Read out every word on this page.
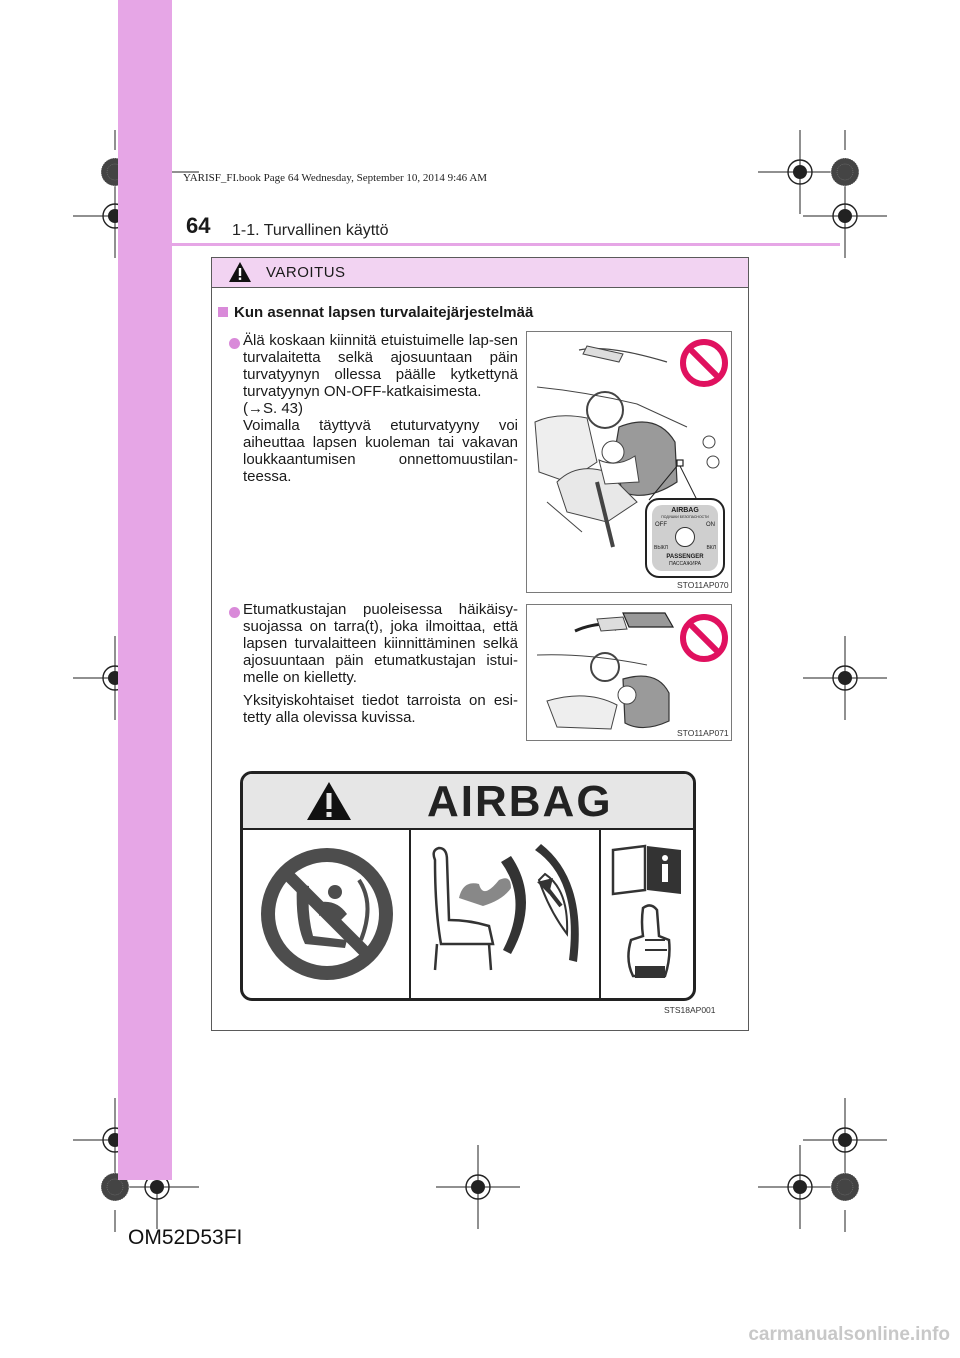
YARISF_FI.book Page 64 Wednesday, September 10, 2014 9:46 AM
64 1-1. Turvallinen käyttö
VAROITUS
Kun asennat lapsen turvalaitejärjestelmää

Älä koskaan kiinnitä etuistuimelle lap-sen turvalaitetta selkä ajosuuntaan päin turvatyynyn ollessa päälle kytkettynä turvatyynyn ON-OFF-katkaisimesta.

(→S. 43)

Voimalla täyttyvä etuturvatyyny voi aiheuttaa lapsen kuoleman tai vakavan loukkaantumisen onnettomuustilan-teessa.

AIRBAG
ПОДУШКИ БЕЗОПАСНОСТИ
OFF	ON
ВЫКЛ	ВКЛ
PASSENGER
ПАССАЖИРА
STO11AP070

Etumatkustajan puoleisessa häikäisy-suojassa on tarra(t), joka ilmoittaa, että lapsen turvalaitteen kiinnittäminen selkä ajosuuntaan päin etumatkustajan istui-melle on kielletty.

Yksityiskohtaiset tiedot tarroista on esi-tetty alla olevissa kuvissa.

STO11AP071
AIRBAG
STS18AP001
OM52D53FI
carmanualsonline.info
